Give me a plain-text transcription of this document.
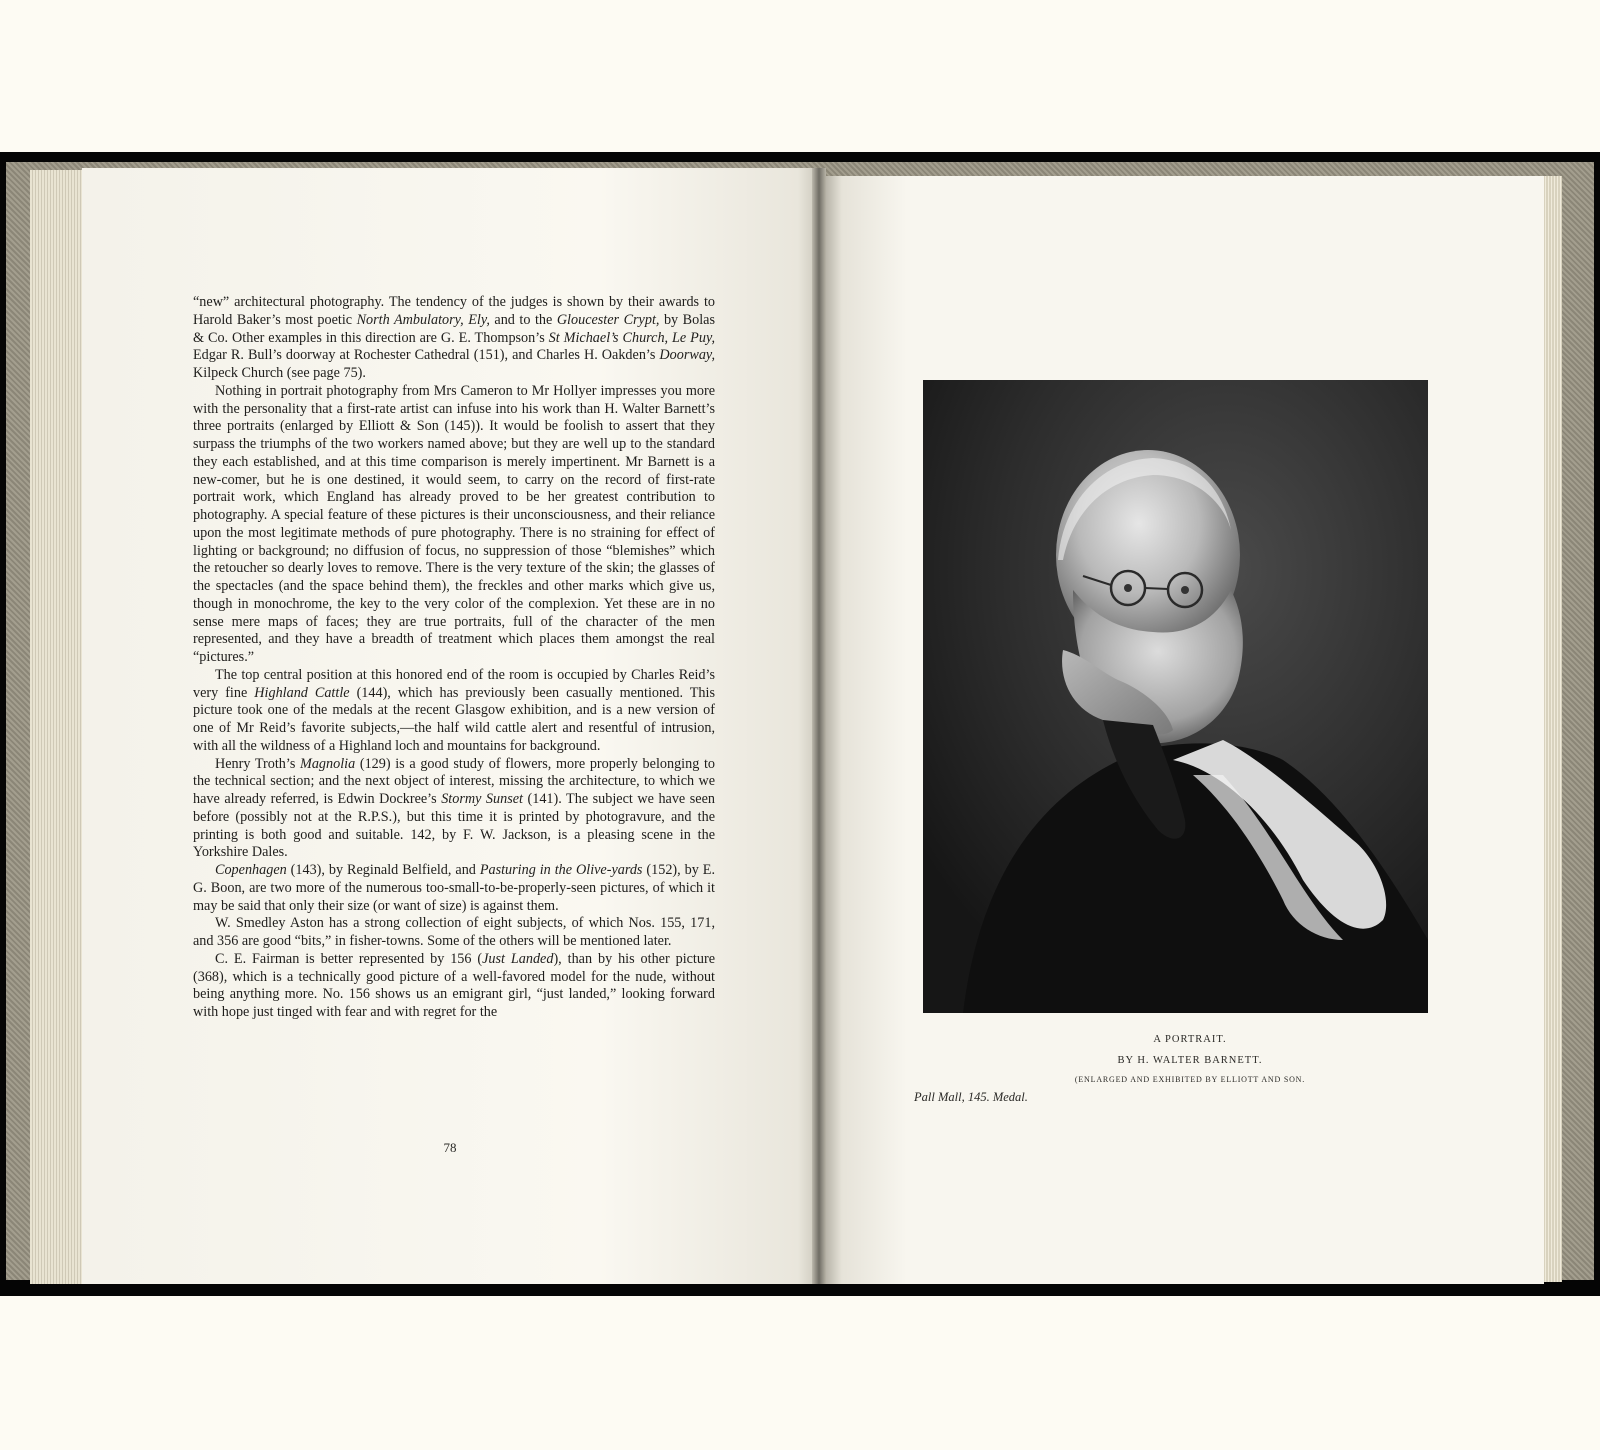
“new” architectural photography. The tendency of the judges is shown by their awards to Harold Baker’s most poetic North Ambulatory, Ely, and to the Gloucester Crypt, by Bolas & Co. Other examples in this direction are G. E. Thompson’s St Michael’s Church, Le Puy, Edgar R. Bull’s doorway at Rochester Cathedral (151), and Charles H. Oakden’s Doorway, Kilpeck Church (see page 75).

Nothing in portrait photography from Mrs Cameron to Mr Hollyer impresses you more with the personality that a first-rate artist can infuse into his work than H. Walter Barnett’s three portraits (enlarged by Elliott & Son (145)). It would be foolish to assert that they surpass the triumphs of the two workers named above; but they are well up to the standard they each established, and at this time comparison is merely impertinent. Mr Barnett is a new-comer, but he is one destined, it would seem, to carry on the record of first-rate portrait work, which England has already proved to be her greatest contribution to photography. A special feature of these pictures is their unconsciousness, and their reliance upon the most legitimate methods of pure photography. There is no straining for effect of lighting or background; no diffusion of focus, no suppression of those “blemishes” which the retoucher so dearly loves to remove. There is the very texture of the skin; the glasses of the spectacles (and the space behind them), the freckles and other marks which give us, though in monochrome, the key to the very color of the complexion. Yet these are in no sense mere maps of faces; they are true portraits, full of the character of the men represented, and they have a breadth of treatment which places them amongst the real “pictures.”

The top central position at this honored end of the room is occupied by Charles Reid’s very fine Highland Cattle (144), which has previously been casually mentioned. This picture took one of the medals at the recent Glasgow exhibition, and is a new version of one of Mr Reid’s favorite subjects,—the half wild cattle alert and resentful of intrusion, with all the wildness of a Highland loch and mountains for background.

Henry Troth’s Magnolia (129) is a good study of flowers, more properly belonging to the technical section; and the next object of interest, missing the architecture, to which we have already referred, is Edwin Dockree’s Stormy Sunset (141). The subject we have seen before (possibly not at the R.P.S.), but this time it is printed by photogravure, and the printing is both good and suitable. 142, by F. W. Jackson, is a pleasing scene in the Yorkshire Dales.

Copenhagen (143), by Reginald Belfield, and Pasturing in the Olive-yards (152), by E. G. Boon, are two more of the numerous too-small-to-be-properly-seen pictures, of which it may be said that only their size (or want of size) is against them.

W. Smedley Aston has a strong collection of eight subjects, of which Nos. 155, 171, and 356 are good “bits,” in fisher-towns. Some of the others will be mentioned later.

C. E. Fairman is better represented by 156 (Just Landed), than by his other picture (368), which is a technically good picture of a well-favored model for the nude, without being anything more. No. 156 shows us an emigrant girl, “just landed,” looking forward with hope just tinged with fear and with regret for the

78
A PORTRAIT.
BY H. WALTER BARNETT.
(ENLARGED AND EXHIBITED BY ELLIOTT AND SON.
Pall Mall, 145. Medal.
